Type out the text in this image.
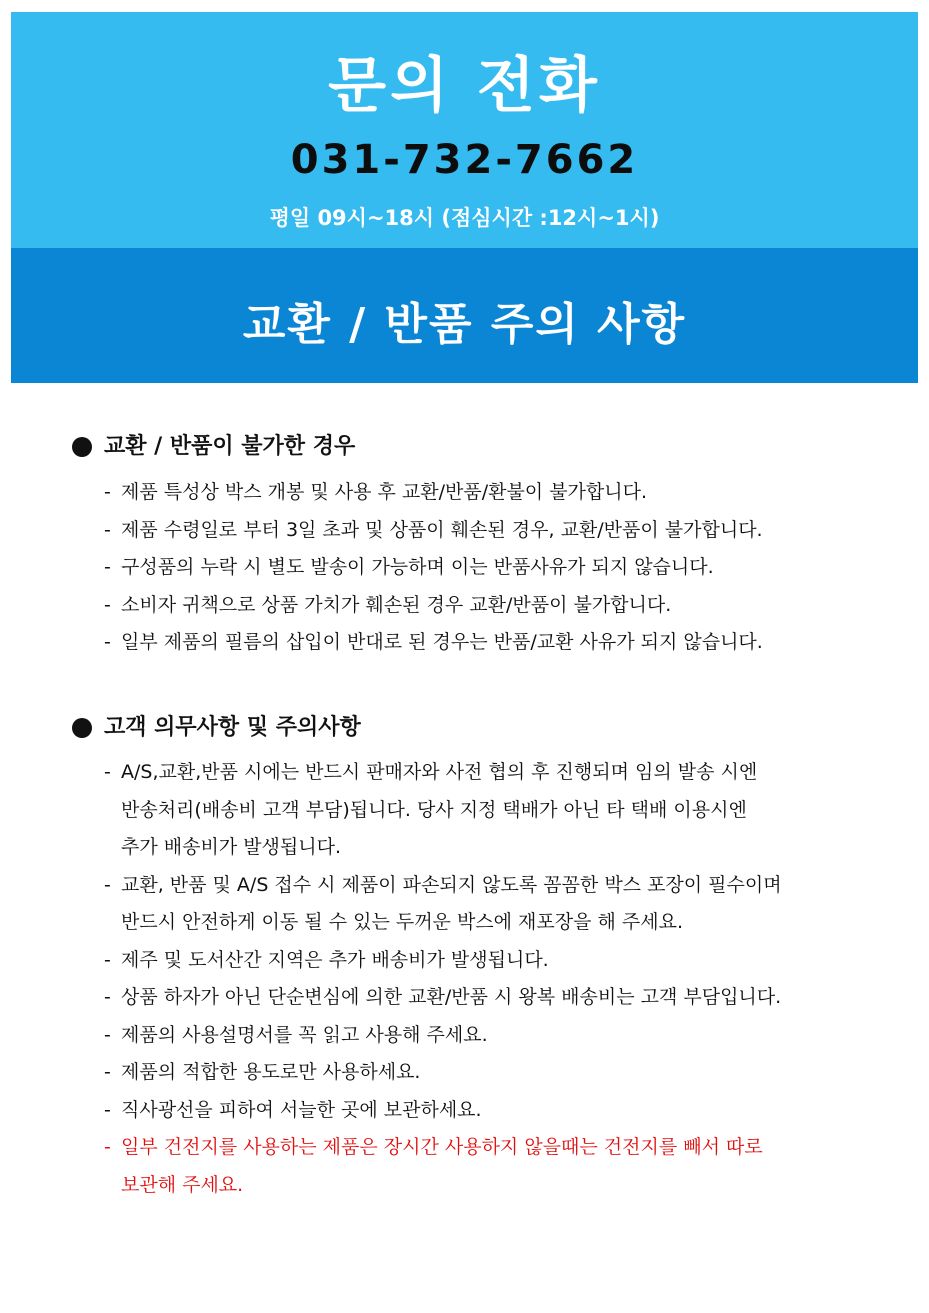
문의 전화
031-732-7662
평일 09시~18시 (점심시간 :12시~1시)
교환 / 반품 주의 사항
교환 / 반품이 불가한 경우
- 제품 특성상 박스 개봉 및 사용 후 교환/반품/환불이 불가합니다.
- 제품 수령일로 부터 3일 초과 및 상품이 훼손된 경우, 교환/반품이 불가합니다.
- 구성품의 누락 시 별도 발송이 가능하며 이는 반품사유가 되지 않습니다.
- 소비자 귀책으로 상품 가치가 훼손된 경우 교환/반품이 불가합니다.
- 일부 제품의 필름의 삽입이 반대로 된 경우는 반품/교환 사유가 되지 않습니다.
고객 의무사항 및 주의사항
- A/S,교환,반품 시에는 반드시 판매자와 사전 협의 후 진행되며 임의 발송 시엔
반송처리(배송비 고객 부담)됩니다. 당사 지정 택배가 아닌 타 택배 이용시엔
추가 배송비가 발생됩니다.
- 교환, 반품 및 A/S 접수 시 제품이 파손되지 않도록 꼼꼼한 박스 포장이 필수이며
반드시 안전하게 이동 될 수 있는 두꺼운 박스에 재포장을 해 주세요.
- 제주 및 도서산간 지역은 추가 배송비가 발생됩니다.
- 상품 하자가 아닌 단순변심에 의한 교환/반품 시 왕복 배송비는 고객 부담입니다.
- 제품의 사용설명서를 꼭 읽고 사용해 주세요.
- 제품의 적합한 용도로만 사용하세요.
- 직사광선을 피하여 서늘한 곳에 보관하세요.
- 일부 건전지를 사용하는 제품은 장시간 사용하지 않을때는 건전지를 빼서 따로
보관해 주세요.
